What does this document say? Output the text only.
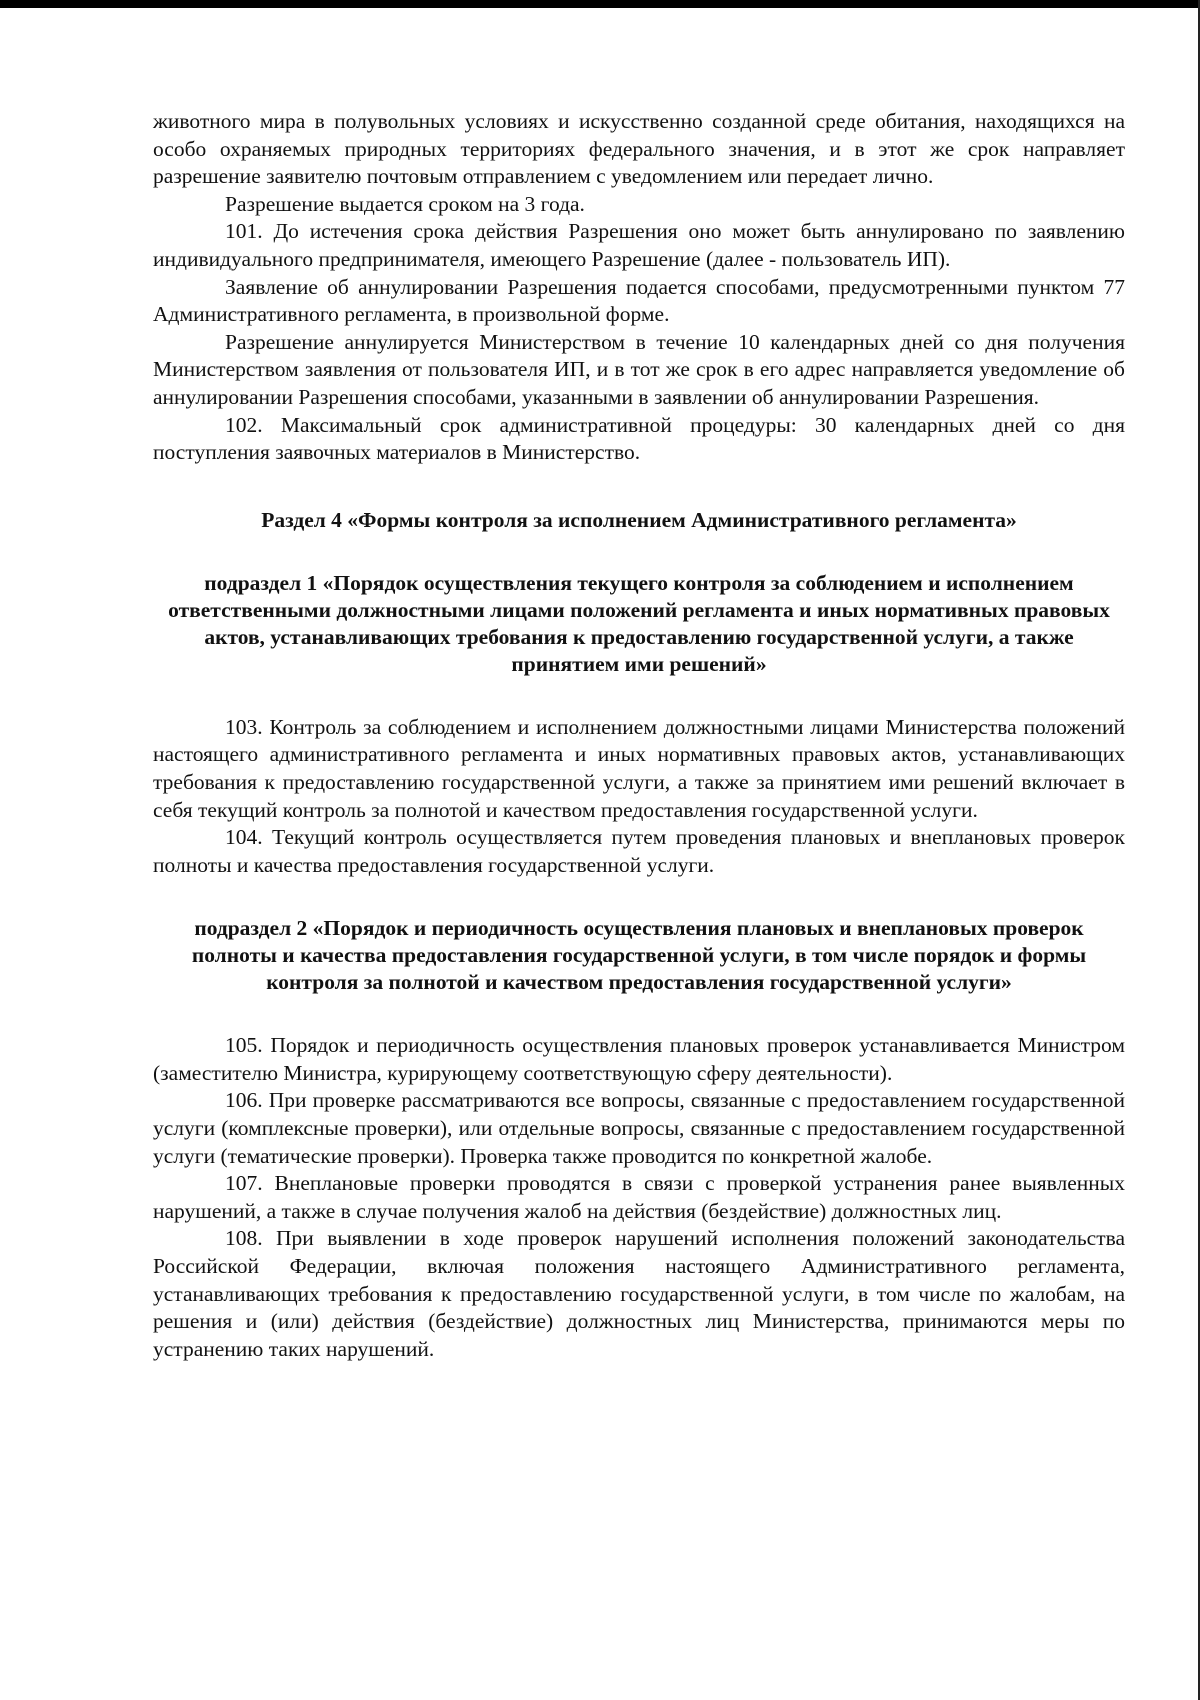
животного мира в полувольных условиях и искусственно созданной среде обитания, находящихся на особо охраняемых природных территориях федерального значения, и в этот же срок направляет разрешение заявителю почтовым отправлением с уведомлением или передает лично.

Разрешение выдается сроком на 3 года.

101. До истечения срока действия Разрешения оно может быть аннулировано по заявлению индивидуального предпринимателя, имеющего Разрешение (далее - пользователь ИП).

Заявление об аннулировании Разрешения подается способами, предусмотренными пунктом 77 Административного регламента, в произвольной форме.

Разрешение аннулируется Министерством в течение 10 календарных дней со дня получения Министерством заявления от пользователя ИП, и в тот же срок в его адрес направляется уведомление об аннулировании Разрешения способами, указанными в заявлении об аннулировании Разрешения.

102. Максимальный срок административной процедуры: 30 календарных дней со дня поступления заявочных материалов в Министерство.

Раздел 4 «Формы контроля за исполнением Административного регламента»
подраздел 1 «Порядок осуществления текущего контроля за соблюдением и исполнением ответственными должностными лицами положений регламента и иных нормативных правовых актов, устанавливающих требования к предоставлению государственной услуги, а также принятием ими решений»

103. Контроль за соблюдением и исполнением должностными лицами Министерства положений настоящего административного регламента и иных нормативных правовых актов, устанавливающих требования к предоставлению государственной услуги, а также за принятием ими решений включает в себя текущий контроль за полнотой и качеством предоставления государственной услуги.

104. Текущий контроль осуществляется путем проведения плановых и внеплановых проверок полноты и качества предоставления государственной услуги.

подраздел 2 «Порядок и периодичность осуществления плановых и внеплановых проверок полноты и качества предоставления государственной услуги, в том числе порядок и формы контроля за полнотой и качеством предоставления государственной услуги»

105. Порядок и периодичность осуществления плановых проверок устанавливается Министром (заместителю Министра, курирующему соответствующую сферу деятельности).

106. При проверке рассматриваются все вопросы, связанные с предоставлением государственной услуги (комплексные проверки), или отдельные вопросы, связанные с предоставлением государственной услуги (тематические проверки). Проверка также проводится по конкретной жалобе.

107. Внеплановые проверки проводятся в связи с проверкой устранения ранее выявленных нарушений, а также в случае получения жалоб на действия (бездействие) должностных лиц.

108. При выявлении в ходе проверок нарушений исполнения положений законодательства Российской Федерации, включая положения настоящего Административного регламента, устанавливающих требования к предоставлению государственной услуги, в том числе по жалобам, на решения и (или) действия (бездействие) должностных лиц Министерства, принимаются меры по устранению таких нарушений.
